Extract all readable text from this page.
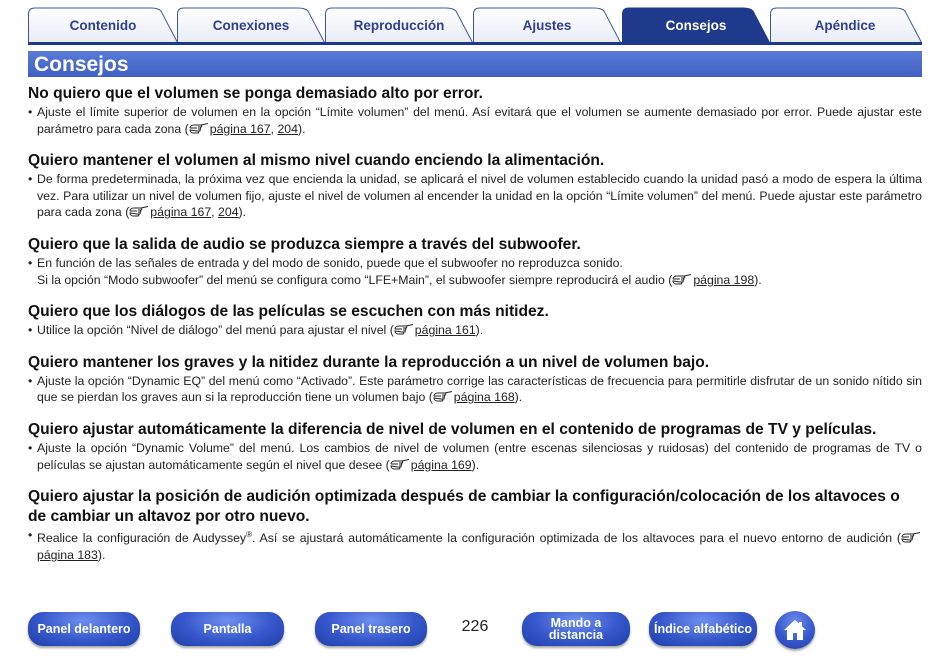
Contenido	Conexiones	Reproducción	Ajustes	Consejos	Apéndice
Consejos
No quiero que el volumen se ponga demasiado alto por error.

• Ajuste el límite superior de volumen en la opción “Límite volumen” del menú. Así evitará que el volumen se aumente demasiado por error. Puede ajustar este parámetro para cada zona ( página 167, 204).

Quiero mantener el volumen al mismo nivel cuando enciendo la alimentación.

• De forma predeterminada, la próxima vez que encienda la unidad, se aplicará el nivel de volumen establecido cuando la unidad pasó a modo de espera la última vez. Para utilizar un nivel de volumen fijo, ajuste el nivel de volumen al encender la unidad en la opción “Límite volumen” del menú. Puede ajustar este parámetro para cada zona ( página 167, 204).

Quiero que la salida de audio se produzca siempre a través del subwoofer.

• En función de las señales de entrada y del modo de sonido, puede que el subwoofer no reproduzca sonido.
Si la opción “Modo subwoofer” del menú se configura como “LFE+Main”, el subwoofer siempre reproducirá el audio ( página 198).

Quiero que los diálogos de las películas se escuchen con más nitidez.

• Utilice la opción “Nivel de diálogo” del menú para ajustar el nivel ( página 161).

Quiero mantener los graves y la nitidez durante la reproducción a un nivel de volumen bajo.

• Ajuste la opción “Dynamic EQ” del menú como “Activado”. Este parámetro corrige las características de frecuencia para permitirle disfrutar de un sonido nítido sin que se pierdan los graves aun si la reproducción tiene un volumen bajo ( página 168).

Quiero ajustar automáticamente la diferencia de nivel de volumen en el contenido de programas de TV y películas.

• Ajuste la opción “Dynamic Volume” del menú. Los cambios de nivel de volumen (entre escenas silenciosas y ruidosas) del contenido de programas de TV o películas se ajustan automáticamente según el nivel que desee ( página 169).

Quiero ajustar la posición de audición optimizada después de cambiar la configuración/colocación de los altavoces o de cambiar un altavoz por otro nuevo.

• Realice la configuración de Audyssey®. Así se ajustará automáticamente la configuración optimizada de los altavoces para el nuevo entorno de audición (página 183).

Panel delantero	Pantalla	Panel trasero	226	Mando a
distancia	Índice alfabético
